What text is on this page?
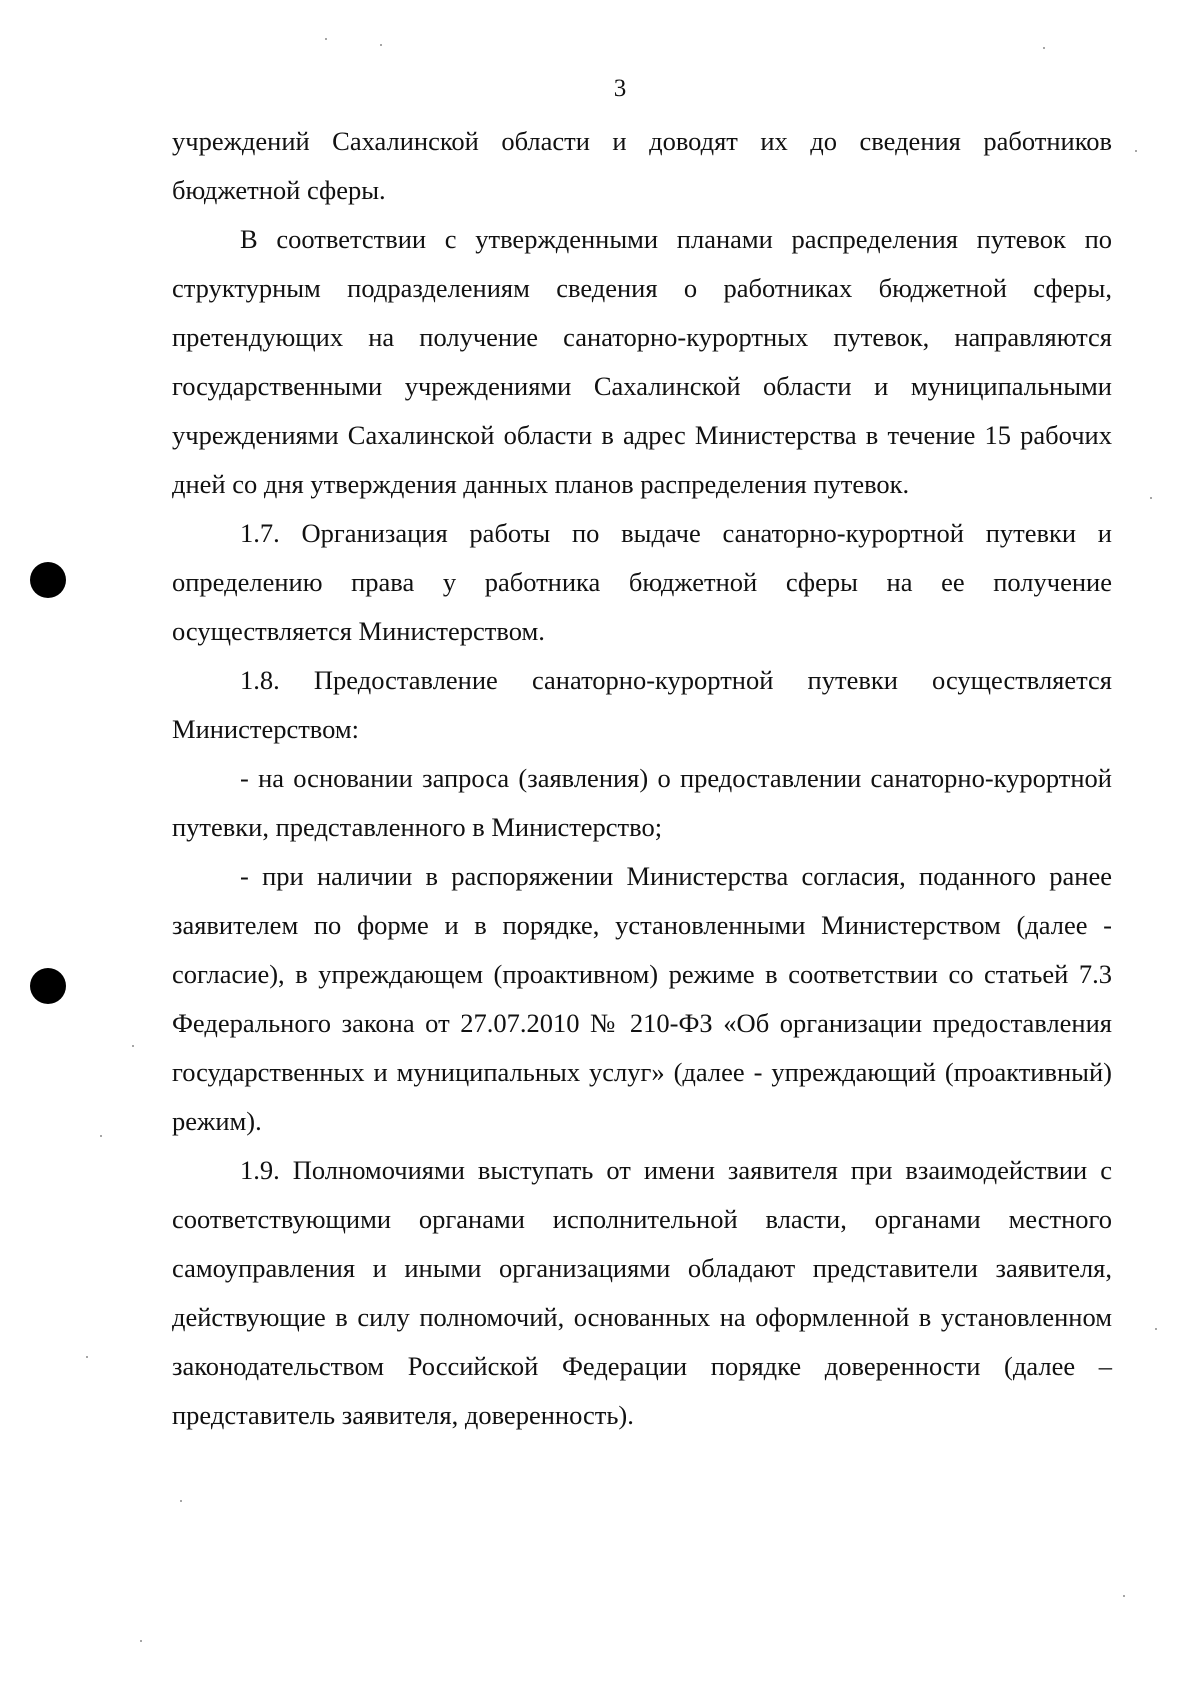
3

учреждений Сахалинской области и доводят их до сведения работников бюджетной сферы.

В соответствии с утвержденными планами распределения путевок по структурным подразделениям сведения о работниках бюджетной сферы, претендующих на получение санаторно-курортных путевок, направляются государственными учреждениями Сахалинской области и муниципальными учреждениями Сахалинской области в адрес Министерства в течение 15 рабочих дней со дня утверждения данных планов распределения путевок.

1.7. Организация работы по выдаче санаторно-курортной путевки и определению права у работника бюджетной сферы на ее получение осуществляется Министерством.

1.8. Предоставление санаторно-курортной путевки осуществляется Министерством:

- на основании запроса (заявления) о предоставлении санаторно-курортной путевки, представленного в Министерство;

- при наличии в распоряжении Министерства согласия, поданного ранее заявителем по форме и в порядке, установленными Министерством (далее - согласие), в упреждающем (проактивном) режиме в соответствии со статьей 7.3 Федерального закона от 27.07.2010 № 210-ФЗ «Об организации предоставления государственных и муниципальных услуг» (далее - упреждающий (проактивный) режим).

1.9. Полномочиями выступать от имени заявителя при взаимодействии с соответствующими органами исполнительной власти, органами местного самоуправления и иными организациями обладают представители заявителя, действующие в силу полномочий, основанных на оформленной в установленном законодательством Российской Федерации порядке доверенности (далее – представитель заявителя, доверенность).
